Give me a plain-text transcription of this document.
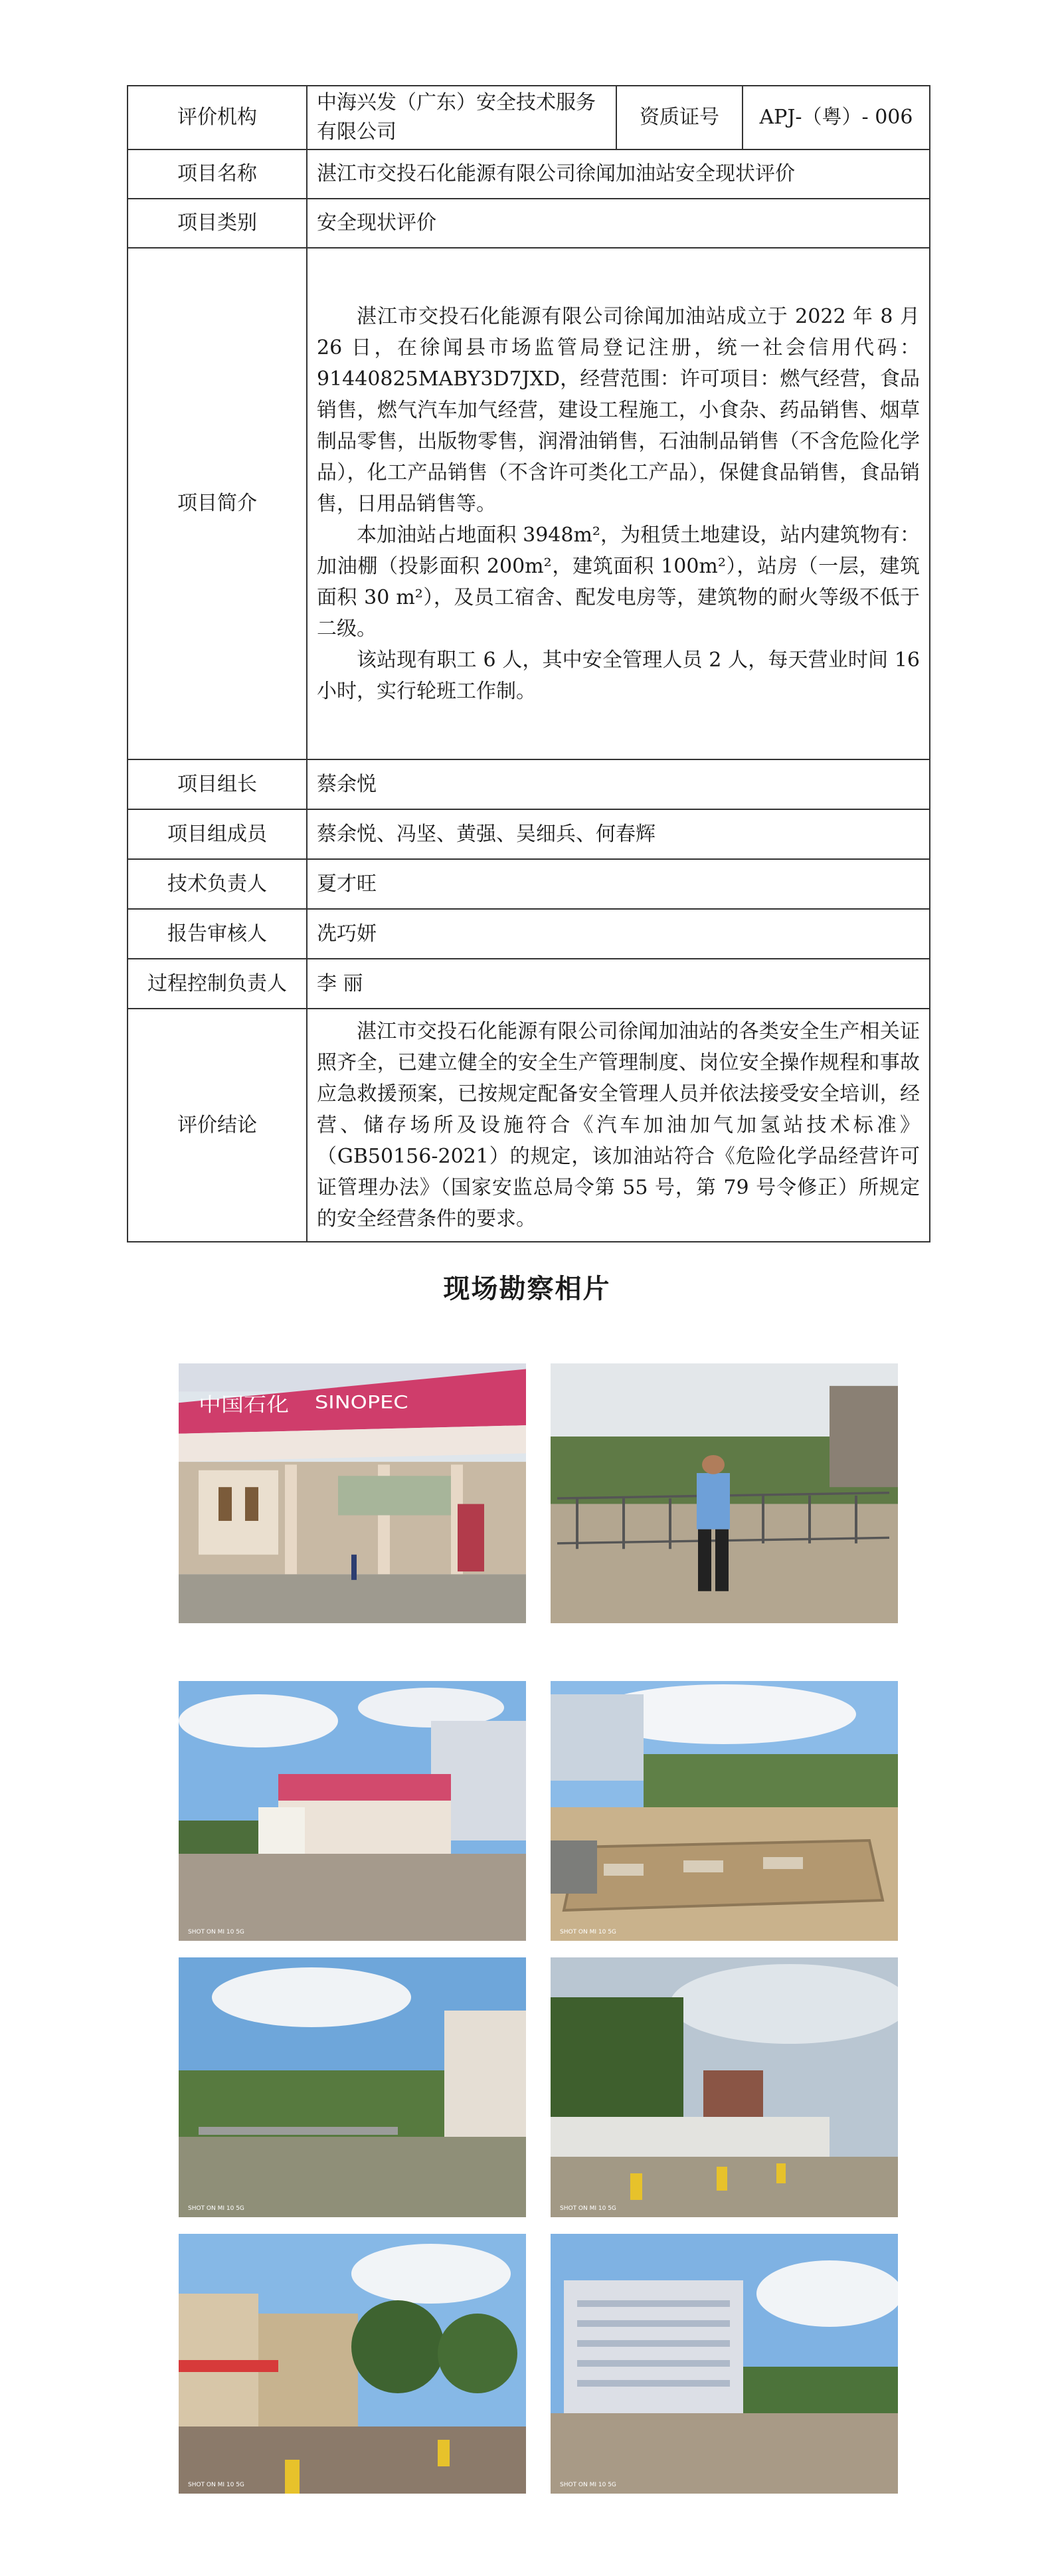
评价机构	中海兴发（广东）安全技术服务有限公司	资质证号	APJ-（粤）- 006
项目名称	湛江市交投石化能源有限公司徐闻加油站安全现状评价		
项目类别	安全现状评价		
项目简介	湛江市交投石化能源有限公司徐闻加油站成立于 2022 年 8 月 26 日，在徐闻县市场监管局登记注册，统一社会信用代码：91440825MABY3D7JXD，经营范围：许可项目：燃气经营，食品销售，燃气汽车加气经营，建设工程施工，小食杂、药品销售、烟草制品零售，出版物零售，润滑油销售，石油制品销售（不含危险化学品），化工产品销售（不含许可类化工产品），保健食品销售，食品销售，日用品销售等。

本加油站占地面积 3948m²，为租赁土地建设，站内建筑物有：加油棚（投影面积 200m²，建筑面积 100m²），站房（一层，建筑面积 30 m²），及员工宿舍、配发电房等，建筑物的耐火等级不低于二级。

该站现有职工 6 人，其中安全管理人员 2 人，每天营业时间 16 小时，实行轮班工作制。		

项目组长	蔡余悦		
项目组成员	蔡余悦、冯坚、黄强、吴细兵、何春辉		
技术负责人	夏才旺		
报告审核人	冼巧妍		
过程控制负责人	李 丽		
评价结论	湛江市交投石化能源有限公司徐闻加油站的各类安全生产相关证照齐全，已建立健全的安全生产管理制度、岗位安全操作规程和事故应急救援预案，已按规定配备安全管理人员并依法接受安全培训，经营、储存场所及设施符合《汽车加油加气加氢站技术标准》（GB50156-2021）的规定，该加油站符合《危险化学品经营许可证管理办法》（国家安监总局令第 55 号，第 79 号令修正）所规定的安全经营条件的要求。		

现场勘察相片
中国石化 SINOPEC
SHOT ON MI 10 5G	SHOT ON MI 10 5G
SHOT ON MI 10 5G	SHOT ON MI 10 5G
SHOT ON MI 10 5G	SHOT ON MI 10 5G
